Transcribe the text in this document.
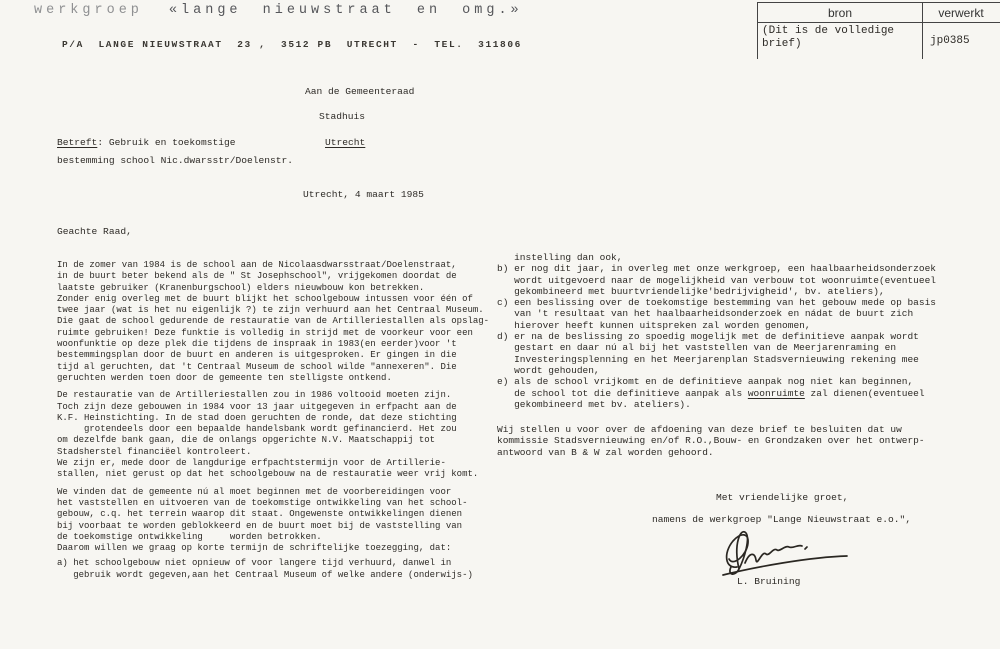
werkgroep «lange nieuwstraat en omg.»
P/A  LANGE NIEUWSTRAAT  23 ,  3512 PB  UTRECHT  -  TEL.  311806
bron	verwerkt
(Dit is de volledige brief)	jp0385
Aan de Gemeenteraad
Stadhuis
Utrecht
Betreft: Gebruik en toekomstige
bestemming school Nic.dwarsstr/Doelenstr.
Utrecht, 4 maart 1985
Geachte Raad,
In de zomer van 1984 is de school aan de Nicolaasdwarsstraat/Doelenstraat,
in de buurt beter bekend als de " St Josephschool", vrijgekomen doordat de
laatste gebruiker (Kranenburgschool) elders nieuwbouw kon betrekken.
Zonder enig overleg met de buurt blijkt het schoolgebouw intussen voor één of
twee jaar (wat is het nu eigenlijk ?) te zijn verhuurd aan het Centraal Museum.
Die gaat de school gedurende de restauratie van de Artilleriestallen als opslag-
ruimte gebruiken! Deze funktie is volledig in strijd met de voorkeur voor een
woonfunktie op deze plek die tijdens de inspraak in 1983(en eerder)voor 't
bestemmingsplan door de buurt en anderen is uitgesproken. Er gingen in die
tijd al geruchten, dat 't Centraal Museum de school wilde "annexeren". Die
geruchten werden toen door de gemeente ten stelligste ontkend.
De restauratie van de Artilleriestallen zou in 1986 voltooid moeten zijn.
Toch zijn deze gebouwen in 1984 voor 13 jaar uitgegeven in erfpacht aan de
K.F. Heinstichting. In de stad doen geruchten de ronde, dat deze stichting
grotendeels door een bepaalde handelsbank wordt gefinancierd. Het zou
om dezelfde bank gaan, die de onlangs opgerichte N.V. Maatschappij tot
Stadsherstel financiëel kontroleert.
We zijn er, mede door de langdurige erfpachtstermijn voor de Artillerie-
stallen, niet gerust op dat het schoolgebouw na de restauratie weer vrij komt.
We vinden dat de gemeente nú al moet beginnen met de voorbereidingen voor
het vaststellen en uitvoeren van de toekomstige ontwikkeling van het school-
gebouw, c.q. het terrein waarop dit staat. Ongewenste ontwikkelingen dienen
bij voorbaat te worden geblokkeerd en de buurt moet bij de vaststelling van
de toekomstige ontwikkeling     worden betrokken.
Daarom willen we graag op korte termijn de schriftelijke toezegging, dat:
a) het schoolgebouw niet opnieuw of voor langere tijd verhuurd, danwel in
gebruik wordt gegeven,aan het Centraal Museum of welke andere (onderwijs-)
instelling dan ook,
b) er nog dit jaar, in overleg met onze werkgroep, een haalbaarheidsonderzoek
wordt uitgevoerd naar de mogelijkheid van verbouw tot woonruimte(eventueel
gekombineerd met buurtvriendelijke'bedrijvigheid', bv. ateliers),
c) een beslissing over de toekomstige bestemming van het gebouw mede op basis
van 't resultaat van het haalbaarheidsonderzoek en nádat de buurt zich
hierover heeft kunnen uitspreken zal worden genomen,
d) er na de beslissing zo spoedig mogelijk met de definitieve aanpak wordt
gestart en daar nú al bij het vaststellen van de Meerjarenraming en
Investeringsplenning en het Meerjarenplan Stadsvernieuwing rekening mee
wordt gehouden,
e) als de school vrijkomt en de definitieve aanpak nog niet kan beginnen,
de school tot die definitieve aanpak als woonruimte zal dienen(eventueel
gekombineerd met bv. ateliers).
Wij stellen u voor over de afdoening van deze brief te besluiten dat uw
kommissie Stadsvernieuwing en/of R.O.,Bouw- en Grondzaken over het ontwerp-
antwoord van B & W zal worden gehoord.
Met vriendelijke groet,
namens de werkgroep "Lange Nieuwstraat e.o.",
L. Bruining
